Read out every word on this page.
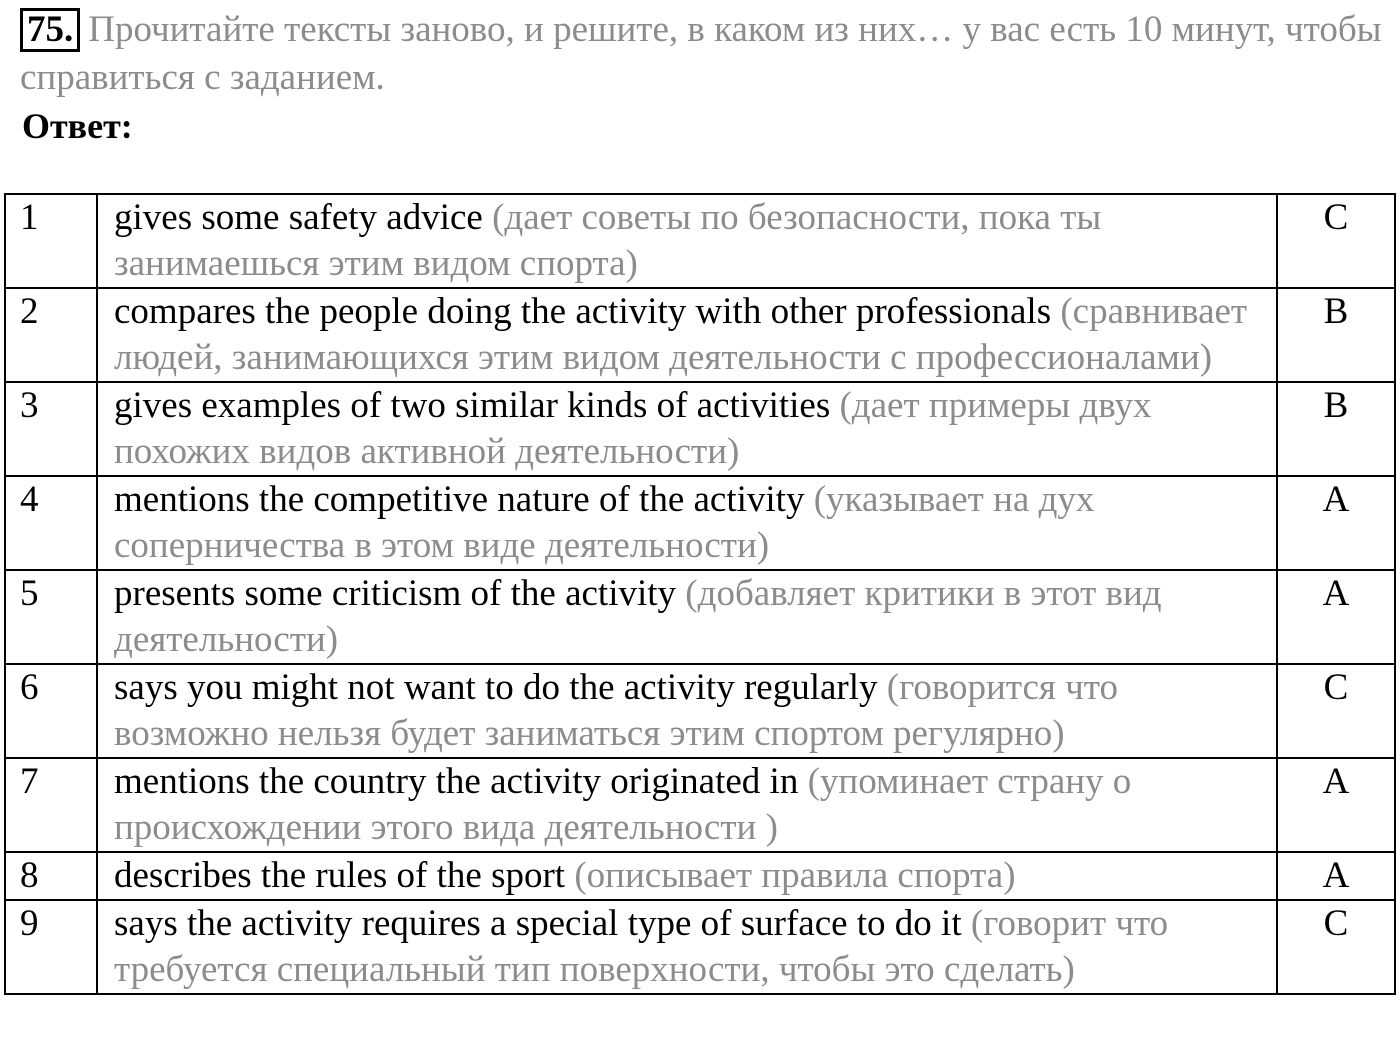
75. Прочитайте тексты заново, и решите, в каком из них… у вас есть 10 минут, чтобы справиться с заданием.
Ответ:
1	gives some safety advice (дает советы по безопасности, пока ты занимаешься этим видом спорта)	C
2	compares the people doing the activity with other professionals (сравнивает людей, занимающихся этим видом деятельности с профессионалами)	B
3	gives examples of two similar kinds of activities (дает примеры двух похожих видов активной деятельности)	B
4	mentions the competitive nature of the activity (указывает на дух соперничества в этом виде деятельности)	A
5	presents some criticism of the activity (добавляет критики в этот вид деятельности)	A
6	says you might not want to do the activity regularly (говорится что возможно нельзя будет заниматься этим спортом регулярно)	C
7	mentions the country the activity originated in (упоминает страну о происхождении этого вида деятельности )	A
8	describes the rules of the sport (описывает правила спорта)	A
9	says the activity requires a special type of surface to do it (говорит что требуется специальный тип поверхности, чтобы это сделать)	C
